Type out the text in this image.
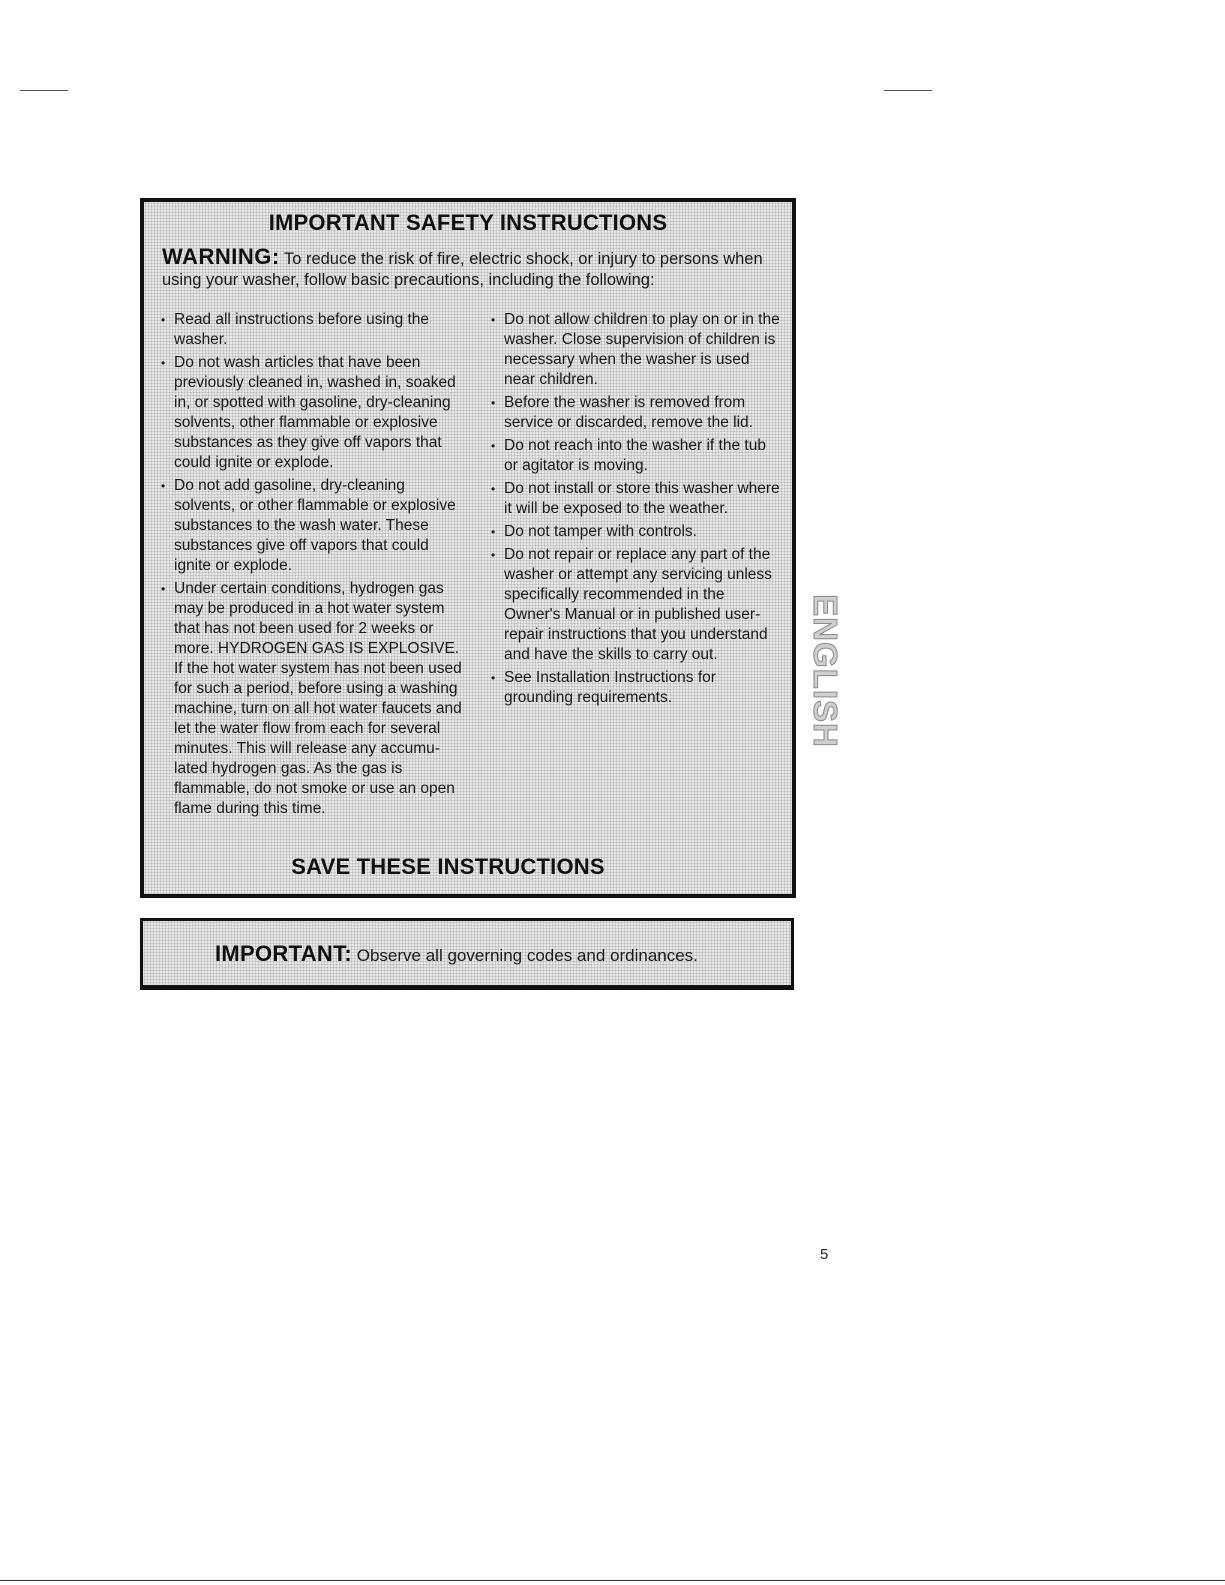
IMPORTANT SAFETY INSTRUCTIONS
WARNING: To reduce the risk of fire, electric shock, or injury to persons when using your washer, follow basic precautions, including the following:
• Read all instructions before using the washer.
• Do not wash articles that have been previously cleaned in, washed in, soaked in, or spotted with gasoline, dry-cleaning solvents, other flammable or explosive substances as they give off vapors that could ignite or explode.
• Do not add gasoline, dry-cleaning solvents, or other flammable or explosive substances to the wash water. These substances give off vapors that could ignite or explode.
• Under certain conditions, hydrogen gas may be produced in a hot water system that has not been used for 2 weeks or more. HYDROGEN GAS IS EXPLOSIVE. If the hot water system has not been used for such a period, before using a washing machine, turn on all hot water faucets and let the water flow from each for several minutes. This will release any accumu-lated hydrogen gas. As the gas is flammable, do not smoke or use an open flame during this time.
• Do not allow children to play on or in the washer. Close supervision of children is necessary when the washer is used near children.
• Before the washer is removed from service or discarded, remove the lid.
• Do not reach into the washer if the tub or agitator is moving.
• Do not install or store this washer where it will be exposed to the weather.
• Do not tamper with controls.
• Do not repair or replace any part of the washer or attempt any servicing unless specifically recommended in the Owner's Manual or in published user-repair instructions that you understand and have the skills to carry out.
• See Installation Instructions for grounding requirements.
SAVE THESE INSTRUCTIONS
IMPORTANT: Observe all governing codes and ordinances.
ENGLISH
5
